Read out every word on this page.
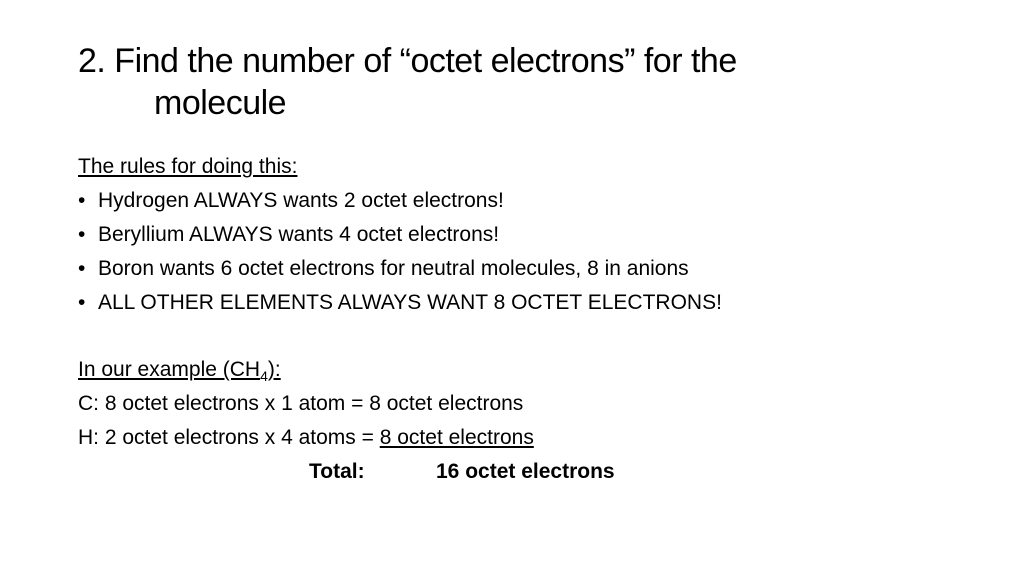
2. Find the number of “octet electrons” for the
molecule
The rules for doing this:
• Hydrogen ALWAYS wants 2 octet electrons!
• Beryllium ALWAYS wants 4 octet electrons!
• Boron wants 6 octet electrons for neutral molecules, 8 in anions
• ALL OTHER ELEMENTS ALWAYS WANT 8 OCTET ELECTRONS!
In our example $(CH_4)$:
C: 8 octet electrons x 1 atom = 8 octet electrons
H: 2 octet electrons x 4 atoms = 8 octet electrons
Total:	16 octet electrons
